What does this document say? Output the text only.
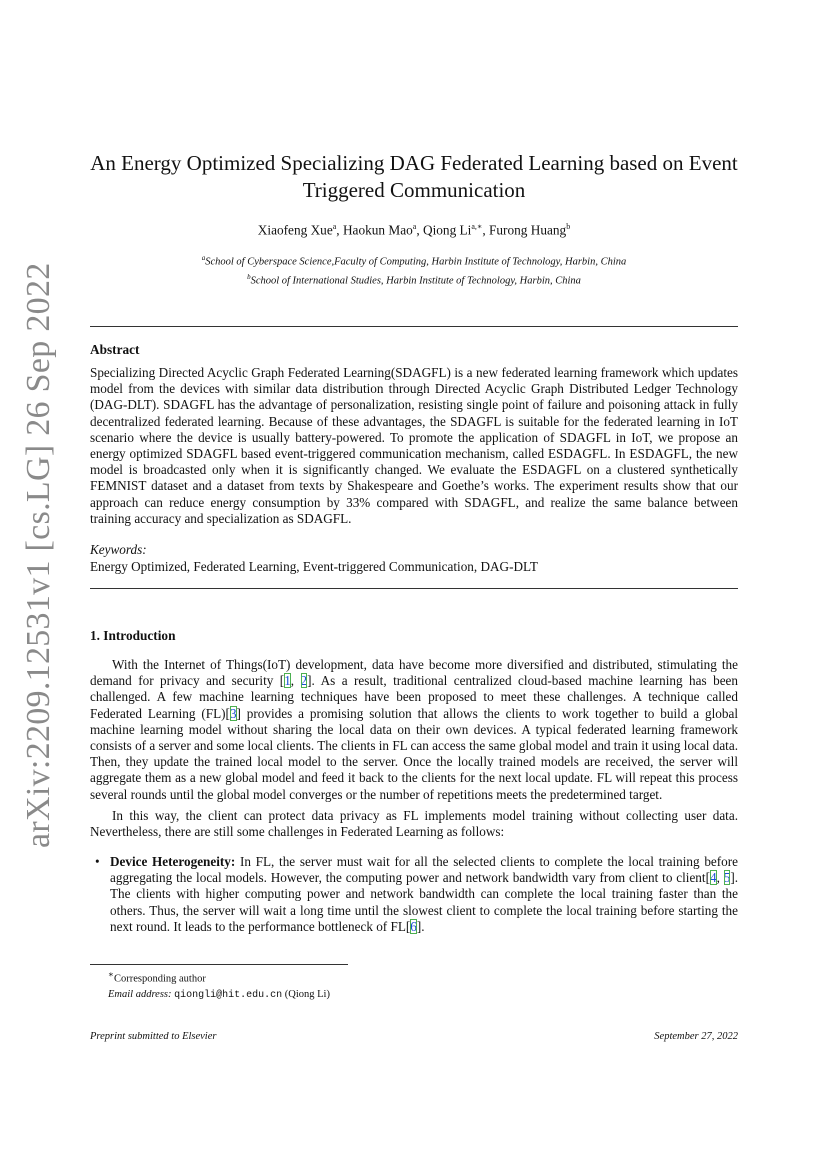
arXiv:2209.12531v1 [cs.LG] 26 Sep 2022
An Energy Optimized Specializing DAG Federated Learning based on Event
Triggered Communication
Xiaofeng Xue$^a$, Haokun Mao$^a$, Qiong $Li^{a,∗}$, Furong Huang$^b$
$^a$School of Cyberspace Science,Faculty of Computing, Harbin Institute of Technology, Harbin, China
$^b$School of International Studies, Harbin Institute of Technology, Harbin, China
Abstract
Specializing Directed Acyclic Graph Federated Learning(SDAGFL) is a new federated learning framework which updates model from the devices with similar data distribution through Directed Acyclic Graph Distributed Ledger Technology (DAG-DLT). SDAGFL has the advantage of personalization, resisting single point of failure and poisoning attack in fully decentralized federated learning. Because of these advantages, the SDAGFL is suitable for the federated learning in IoT scenario where the device is usually battery-powered. To promote the application of SDAGFL in IoT, we propose an energy optimized SDAGFL based event-triggered communication mechanism, called ESDAGFL. In ESDAGFL, the new model is broadcasted only when it is significantly changed. We evaluate the ESDAGFL on a clustered synthetically FEMNIST dataset and a dataset from texts by Shakespeare and Goethe’s works. The experiment results show that our approach can reduce energy consumption by 33% compared with SDAGFL, and realize the same balance between training accuracy and specialization as SDAGFL.
Keywords:
Energy Optimized, Federated Learning, Event-triggered Communication, DAG-DLT
1. Introduction
With the Internet of Things(IoT) development, data have become more diversified and distributed, stimulating the demand for privacy and security [1, 2]. As a result, traditional centralized cloud-based machine learning has been challenged. A few machine learning techniques have been proposed to meet these challenges. A technique called Federated Learning (FL)[3] provides a promising solution that allows the clients to work together to build a global machine learning model without sharing the local data on their own devices. A typical federated learning framework consists of a server and some local clients. The clients in FL can access the same global model and train it using local data. Then, they update the trained local model to the server. Once the locally trained models are received, the server will aggregate them as a new global model and feed it back to the clients for the next local update. FL will repeat this process several rounds until the global model converges or the number of repetitions meets the predetermined target.
In this way, the client can protect data privacy as FL implements model training without collecting user data. Nevertheless, there are still some challenges in Federated Learning as follows:
• Device Heterogeneity: In FL, the server must wait for all the selected clients to complete the local training before aggregating the local models. However, the computing power and network bandwidth vary from client to client[4, 5]. The clients with higher computing power and network bandwidth can complete the local training faster than the others. Thus, the server will wait a long time until the slowest client to complete the local training before starting the next round. It leads to the performance bottleneck of FL[6].
∗Corresponding author
Email address: qiongli@hit.edu.cn (Qiong Li)
Preprint submitted to Elsevier	September 27, 2022
